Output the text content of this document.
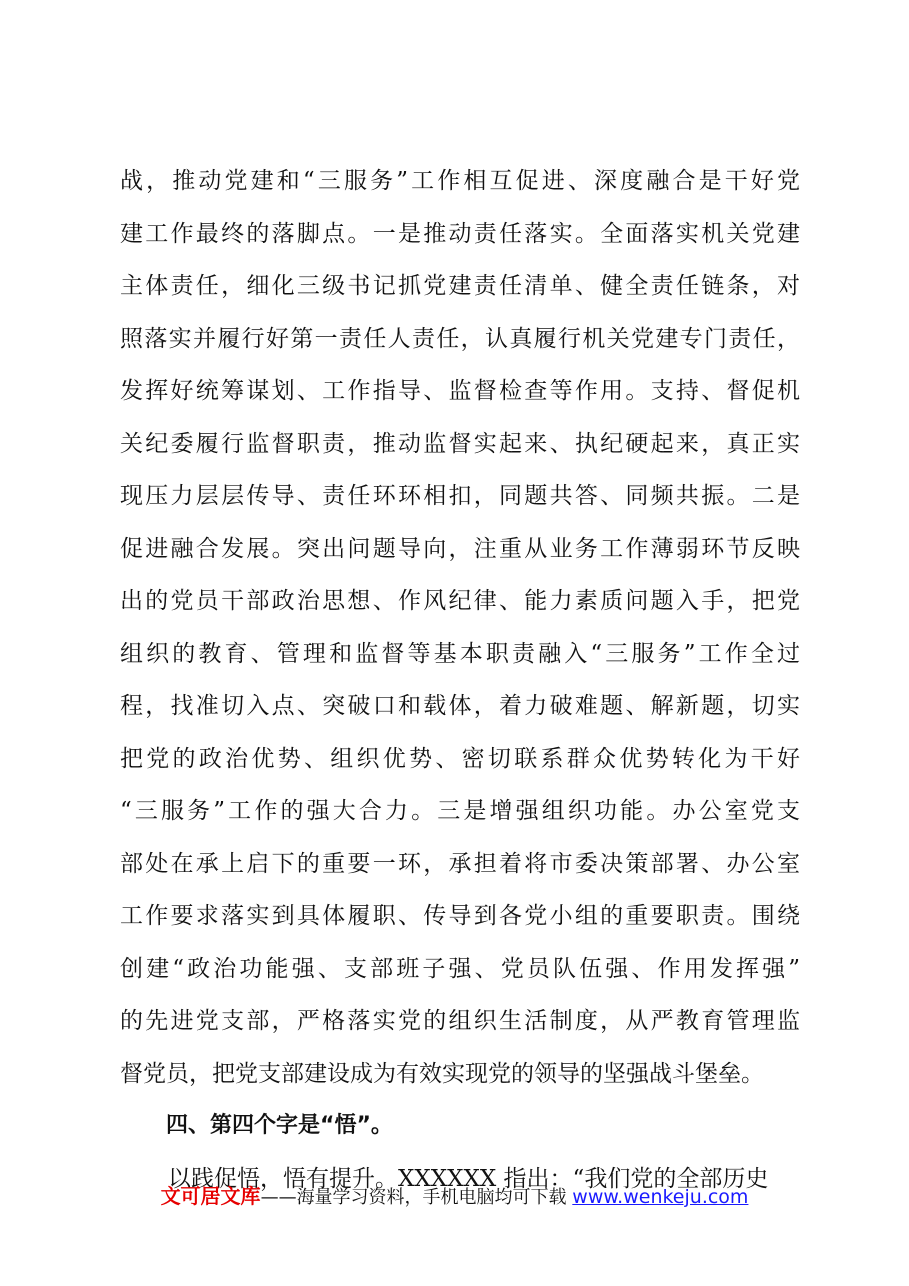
战，推动党建和“三服务”工作相互促进、深度融合是干好党
建工作最终的落脚点。一是推动责任落实。全面落实机关党建
主体责任，细化三级书记抓党建责任清单、健全责任链条，对
照落实并履行好第一责任人责任，认真履行机关党建专门责任，
发挥好统筹谋划、工作指导、监督检查等作用。支持、督促机
关纪委履行监督职责，推动监督实起来、执纪硬起来，真正实
现压力层层传导、责任环环相扣，同题共答、同频共振。二是
促进融合发展。突出问题导向，注重从业务工作薄弱环节反映
出的党员干部政治思想、作风纪律、能力素质问题入手，把党
组织的教育、管理和监督等基本职责融入“三服务”工作全过
程，找准切入点、突破口和载体，着力破难题、解新题，切实
把党的政治优势、组织优势、密切联系群众优势转化为干好
“三服务”工作的强大合力。三是增强组织功能。办公室党支
部处在承上启下的重要一环，承担着将市委决策部署、办公室
工作要求落实到具体履职、传导到各党小组的重要职责。围绕
创建“政治功能强、支部班子强、党员队伍强、作用发挥强”
的先进党支部，严格落实党的组织生活制度，从严教育管理监
督党员，把党支部建设成为有效实现党的领导的坚强战斗堡垒。
四、第四个字是“悟”。
以践促悟，悟有提升。XXXXXX 指出：“我们党的全部历史
文可居文库——海量学习资料，手机电脑均可下载 www.wenkeju.com
